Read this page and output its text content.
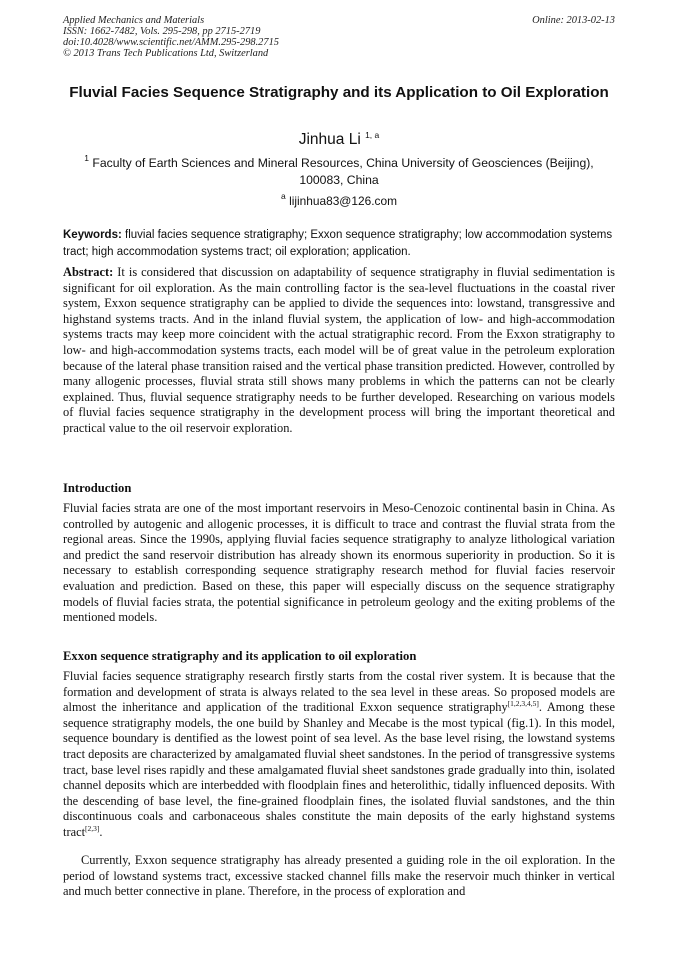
Applied Mechanics and Materials
ISSN: 1662-7482, Vols. 295-298, pp 2715-2719
doi:10.4028/www.scientific.net/AMM.295-298.2715
© 2013 Trans Tech Publications Ltd, Switzerland
Online: 2013-02-13
Fluvial Facies Sequence Stratigraphy and its Application to Oil Exploration
Jinhua Li $^{1, a}$
$^1$ Faculty of Earth Sciences and Mineral Resources, China University of Geosciences (Beijing), 100083, China
$^a$ lijinhua83@126.com
Keywords: fluvial facies sequence stratigraphy; Exxon sequence stratigraphy; low accommodation systems tract; high accommodation systems tract; oil exploration; application.
Abstract: It is considered that discussion on adaptability of sequence stratigraphy in fluvial sedimentation is significant for oil exploration. As the main controlling factor is the sea-level fluctuations in the coastal river system, Exxon sequence stratigraphy can be applied to divide the sequences into: lowstand, transgressive and highstand systems tracts. And in the inland fluvial system, the application of low- and high-accommodation systems tracts may keep more coincident with the actual stratigraphic record. From the Exxon stratigraphy to low- and high-accommodation systems tracts, each model will be of great value in the petroleum exploration because of the lateral phase transition raised and the vertical phase transition predicted. However, controlled by many allogenic processes, fluvial strata still shows many problems in which the patterns can not be clearly explained. Thus, fluvial sequence stratigraphy needs to be further developed. Researching on various models of fluvial facies sequence stratigraphy in the development process will bring the important theoretical and practical value to the oil reservoir exploration.
Introduction
Fluvial facies strata are one of the most important reservoirs in Meso-Cenozoic continental basin in China. As controlled by autogenic and allogenic processes, it is difficult to trace and contrast the fluvial strata from the regional areas. Since the 1990s, applying fluvial facies sequence stratigraphy to analyze lithological variation and predict the sand reservoir distribution has already shown its enormous superiority in production. So it is necessary to establish corresponding sequence stratigraphy research method for fluvial facies reservoir evaluation and prediction. Based on these, this paper will especially discuss on the sequence stratigraphy models of fluvial facies strata, the potential significance in petroleum geology and the exiting problems of the mentioned models.
Exxon sequence stratigraphy and its application to oil exploration
Fluvial facies sequence stratigraphy research firstly starts from the costal river system. It is because that the formation and development of strata is always related to the sea level in these areas. So proposed models are almost the inheritance and application of the traditional Exxon sequence stratigraphy[1,2,3,4,5]. Among these sequence stratigraphy models, the one build by Shanley and Mecabe is the most typical (fig.1). In this model, sequence boundary is dentified as the lowest point of sea level. As the base level rising, the lowstand systems tract deposits are characterized by amalgamated fluvial sheet sandstones. In the period of transgressive systems tract, base level rises rapidly and these amalgamated fluvial sheet sandstones grade gradually into thin, isolated channel deposits which are interbedded with floodplain fines and heterolithic, tidally influenced deposits. With the descending of base level, the fine-grained floodplain fines, the isolated fluvial sandstones, and the thin discontinuous coals and carbonaceous shales constitute the main deposits of the early highstand systems tract[2,3].
Currently, Exxon sequence stratigraphy has already presented a guiding role in the oil exploration. In the period of lowstand systems tract, excessive stacked channel fills make the reservoir much thinker in vertical and much better connective in plane. Therefore, in the process of exploration and
